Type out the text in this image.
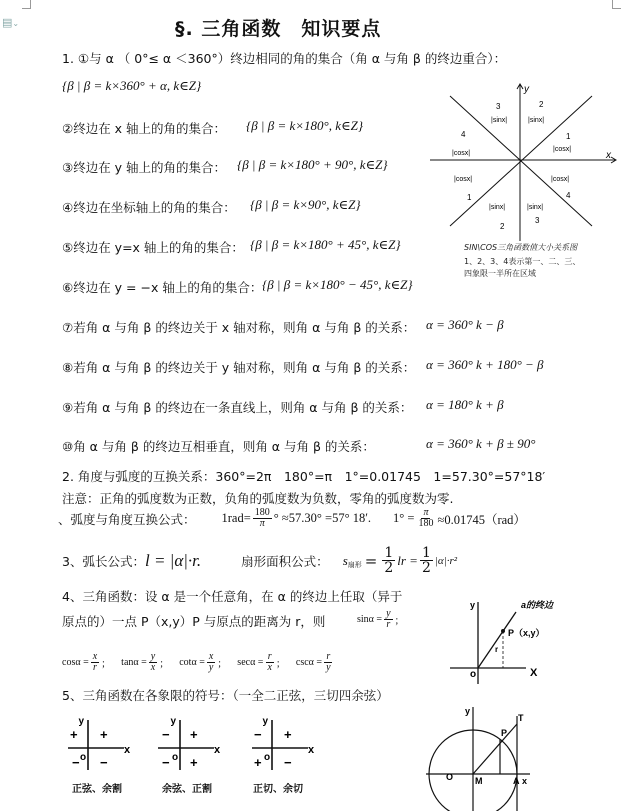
▤⌄	§. 三角函数　知识要点
1. ①与 α （ 0°≤ α ＜360°）终边相同的角的集合（角 α 与角 β 的终边重合）：
{β | β = k×360° + α, k∈Z}
②终边在 x 轴上的角的集合： {β | β = k×180°, k∈Z}
③终边在 y 轴上的角的集合： {β | β = k×180° + 90°, k∈Z}
④终边在坐标轴上的角的集合： {β | β = k×90°, k∈Z}
⑤终边在 y=x 轴上的角的集合： {β | β = k×180° + 45°, k∈Z}
⑥终边在 y = −x 轴上的角的集合： {β | β = k×180° − 45°, k∈Z}
⑦若角 α 与角 β 的终边关于 x 轴对称，则角 α 与角 β 的关系： α = 360° k − β
⑧若角 α 与角 β 的终边关于 y 轴对称，则角 α 与角 β 的关系： α = 360° k + 180° − β
⑨若角 α 与角 β 的终边在一条直线上，则角 α 与角 β 的关系： α = 180° k + β
⑩角 α 与角 β 的终边互相垂直，则角 α 与角 β 的关系：	α = 360° k + β ± 90°
2. 角度与弧度的互换关系：360°=2π　180°=π　1°=0.01745　1=57.30°=57°18′
注意：正角的弧度数为正数，负角的弧度数为负数，零角的弧度数为零.
、弧度与角度互换公式： $1rad= \frac{180}{\pi}$ ° ≈57.30° =57° 18′. $1^\circ = \frac{\pi}{180} \approx 0.01745(rad)$
3、弧长公式： l = |α|·r.	扇形面积公式： s 扇形 = $\frac{1}{2}$ lr = $\frac{1}{2} |\alpha|\cdot r^2$
4、三角函数：设 α 是一个任意角，在 α 的终边上任取（异于
原点的）一点 P（x,y）P 与原点的距离为 r，则	$\sin\alpha = \frac{y}{r}$ ；
$\cos\alpha = \frac{x}{r}$ ； $\tan\alpha = \frac{y}{x}$ ； $\cot\alpha = \frac{x}{y}$ ； $\sec\alpha = \frac{r}{x}$ ； $\csc\alpha = \frac{r}{y}$
5、三角函数在各象限的符号：（一全二正弦，三切四余弦）
y
+ +
o
− −
x
正弦、余割
y
− +
o
− +
x
余弦、正割
y
− +
o
+ −
x
正切、余切
y
x
3	2
4	1
1	4
2
3
|sinx|	|sinx|
|cosx|
|cosx|
|cosx|	|cosx|
|sinx|	|sinx|
SIN\COS三角函数值大小关系图
1、2、3、4表示第一、二、三、
四象限一半所在区域
y	a的终边
P（x,y）
r
o	X
y
T
P
O M	A x
